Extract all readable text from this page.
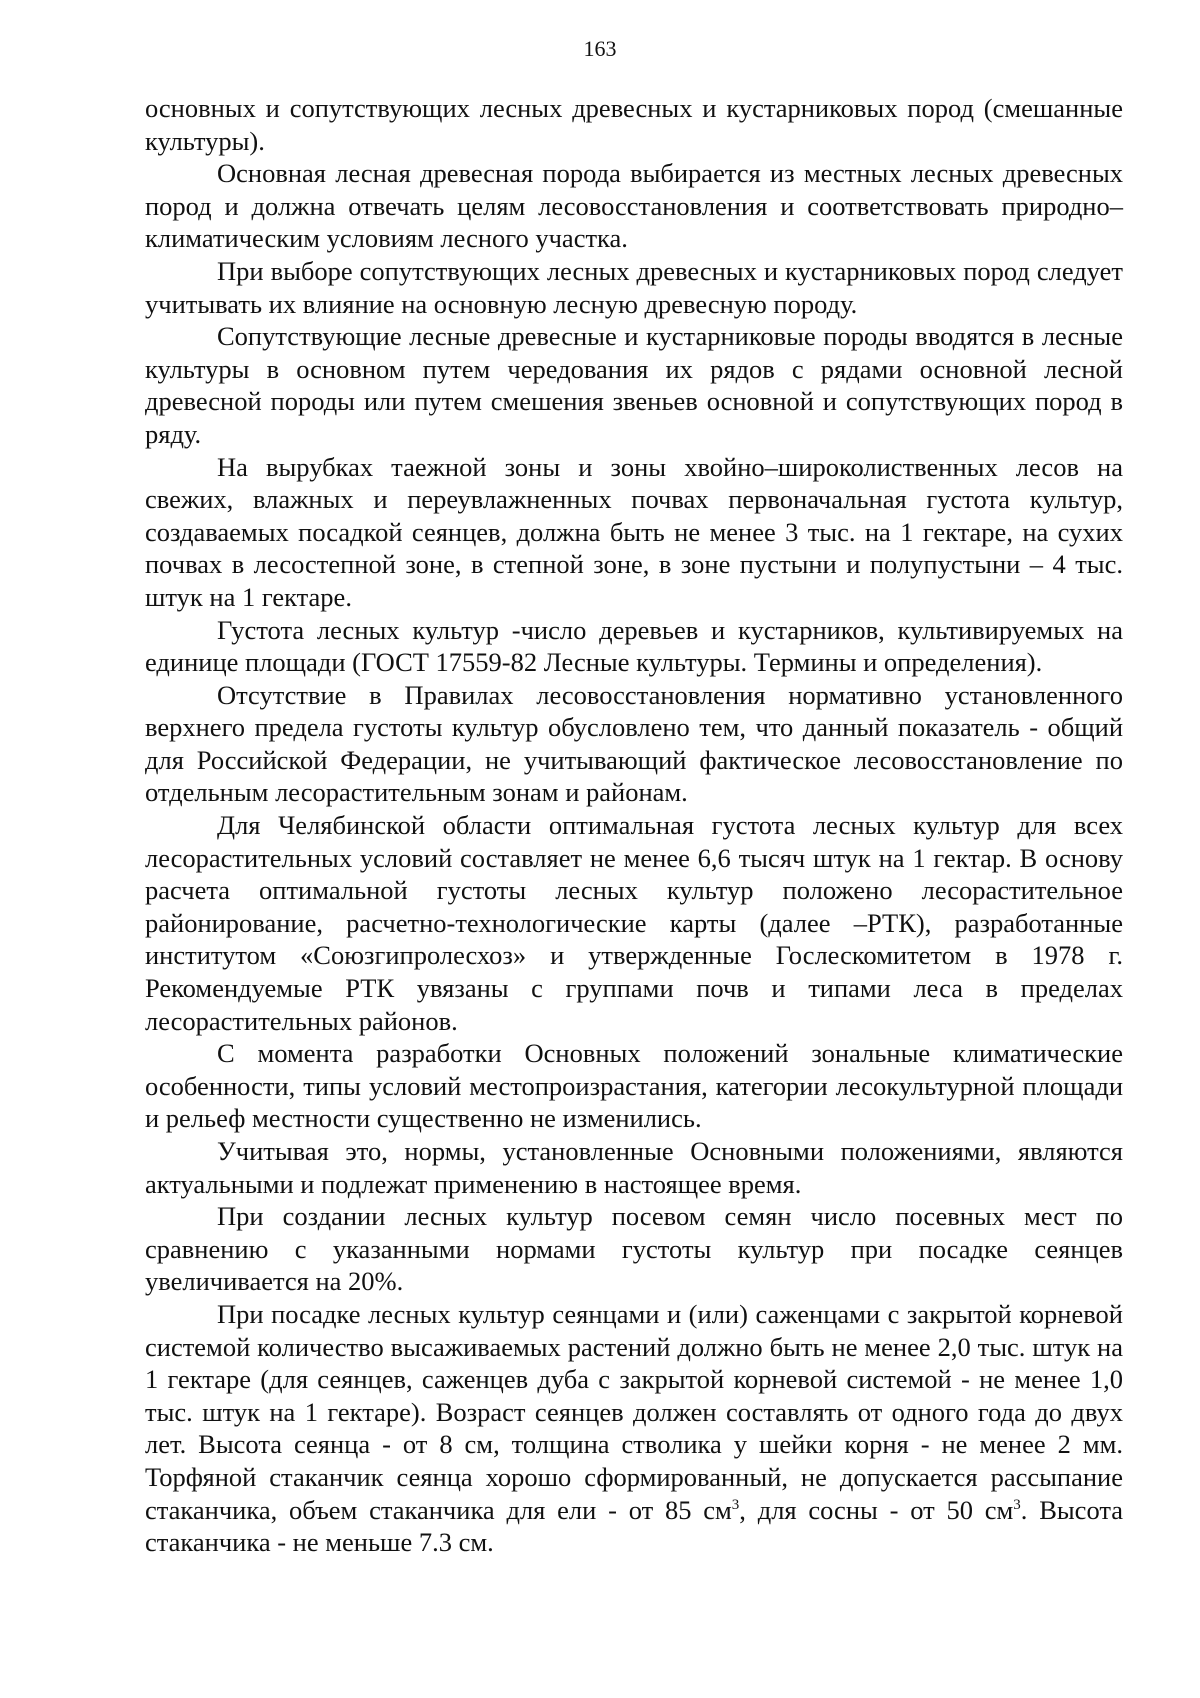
163

основных и сопутствующих лесных древесных и кустарниковых пород (смешанные культуры).

Основная лесная древесная порода выбирается из местных лесных древесных пород и должна отвечать целям лесовосстановления и соответствовать природно–климатическим условиям лесного участка.

При выборе сопутствующих лесных древесных и кустарниковых пород следует учитывать их влияние на основную лесную древесную породу.

Сопутствующие лесные древесные и кустарниковые породы вводятся в лесные культуры в основном путем чередования их рядов с рядами основной лесной древесной породы или путем смешения звеньев основной и сопутствующих пород в ряду.

На вырубках таежной зоны и зоны хвойно–широколиственных лесов на свежих, влажных и переувлажненных почвах первоначальная густота культур, создаваемых посадкой сеянцев, должна быть не менее 3 тыс. на 1 гектаре, на сухих почвах в лесостепной зоне, в степной зоне, в зоне пустыни и полупустыни – 4 тыс. штук на 1 гектаре.

Густота лесных культур -число деревьев и кустарников, культивируемых на единице площади (ГОСТ 17559-82 Лесные культуры. Термины и определения).

Отсутствие в Правилах лесовосстановления нормативно установленного верхнего предела густоты культур обусловлено тем, что данный показатель - общий для Российской Федерации, не учитывающий фактическое лесовосстановление по отдельным лесорастительным зонам и районам.

Для Челябинской области оптимальная густота лесных культур для всех лесорастительных условий составляет не менее 6,6 тысяч штук на 1 гектар. В основу расчета оптимальной густоты лесных культур положено лесорастительное районирование, расчетно-технологические карты (далее –РТК), разработанные институтом «Союзгипролесхоз» и утвержденные Гослескомитетом в 1978 г. Рекомендуемые РТК увязаны с группами почв и типами леса в пределах лесорастительных районов.

С момента разработки Основных положений зональные климатические особенности, типы условий местопроизрастания, категории лесокультурной площади и рельеф местности существенно не изменились.

Учитывая это, нормы, установленные Основными положениями, являются актуальными и подлежат применению в настоящее время.

При создании лесных культур посевом семян число посевных мест по сравнению с указанными нормами густоты культур при посадке сеянцев увеличивается на 20%.

При посадке лесных культур сеянцами и (или) саженцами с закрытой корневой системой количество высаживаемых растений должно быть не менее 2,0 тыс. штук на 1 гектаре (для сеянцев, саженцев дуба с закрытой корневой системой - не менее 1,0 тыс. штук на 1 гектаре). Возраст сеянцев должен составлять от одного года до двух лет. Высота сеянца - от 8 см, толщина стволика у шейки корня - не менее 2 мм. Торфяной стаканчик сеянца хорошо сформированный, не допускается рассыпание стаканчика, объем стаканчика для ели - от 85 $см^3$, для сосны - от 50 $см^3$. Высота стаканчика - не меньше 7.3 см.
